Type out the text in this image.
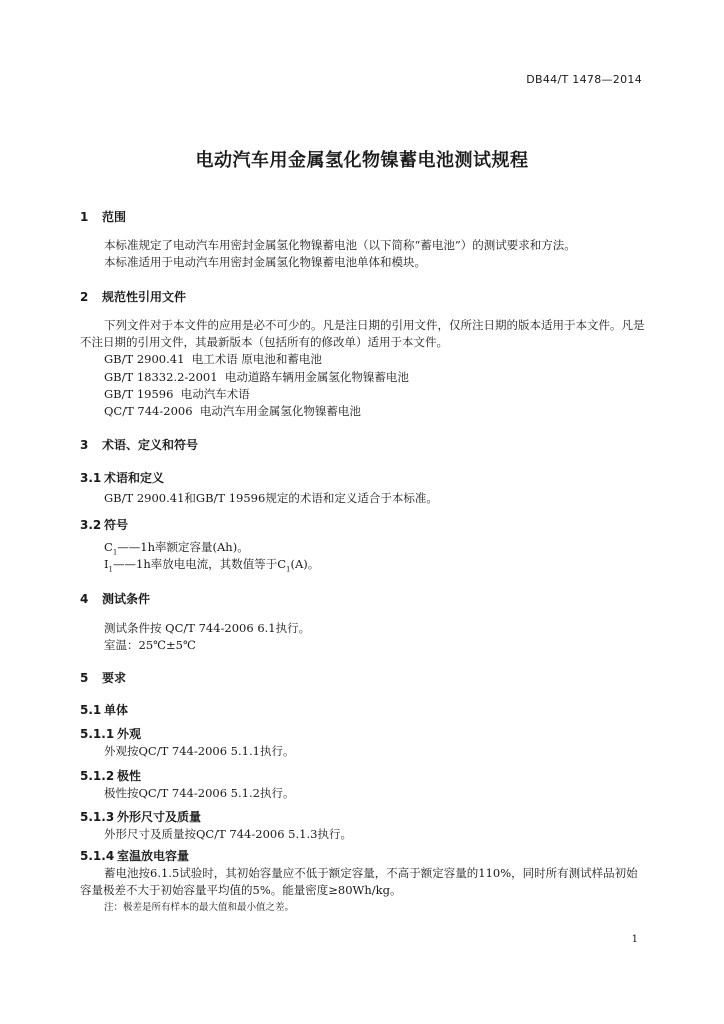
DB44/T 1478—2014
电动汽车用金属氢化物镍蓄电池测试规程
1 范围
本标准规定了电动汽车用密封金属氢化物镍蓄电池（以下简称“蓄电池”）的测试要求和方法。
本标准适用于电动汽车用密封金属氢化物镍蓄电池单体和模块。
2 规范性引用文件
下列文件对于本文件的应用是必不可少的。凡是注日期的引用文件，仅所注日期的版本适用于本文件。凡是不注日期的引用文件，其最新版本（包括所有的修改单）适用于本文件。
GB/T 2900.41  电工术语 原电池和蓄电池
GB/T 18332.2-2001  电动道路车辆用金属氢化物镍蓄电池
GB/T 19596  电动汽车术语
QC/T 744-2006  电动汽车用金属氢化物镍蓄电池
3 术语、定义和符号
3.1 术语和定义
GB/T 2900.41和GB/T 19596规定的术语和定义适合于本标准。
3.2 符号
$C_1——1h$率额定容量(Ah)。
$I_1——1h$率放电电流，其数值等于$C_1(A)$。
4 测试条件
测试条件按 QC/T 744-2006 6.1执行。
室温：25℃±5℃
5 要求
5.1 单体
5.1.1 外观
外观按QC/T 744-2006 5.1.1执行。
5.1.2 极性
极性按QC/T 744-2006 5.1.2执行。
5.1.3 外形尺寸及质量
外形尺寸及质量按QC/T 744-2006 5.1.3执行。
5.1.4 室温放电容量
蓄电池按6.1.5试验时，其初始容量应不低于额定容量，不高于额定容量的110%，同时所有测试样品初始容量极差不大于初始容量平均值的5%。能量密度≥80Wh/kg。
注：极差是所有样本的最大值和最小值之差。
1
